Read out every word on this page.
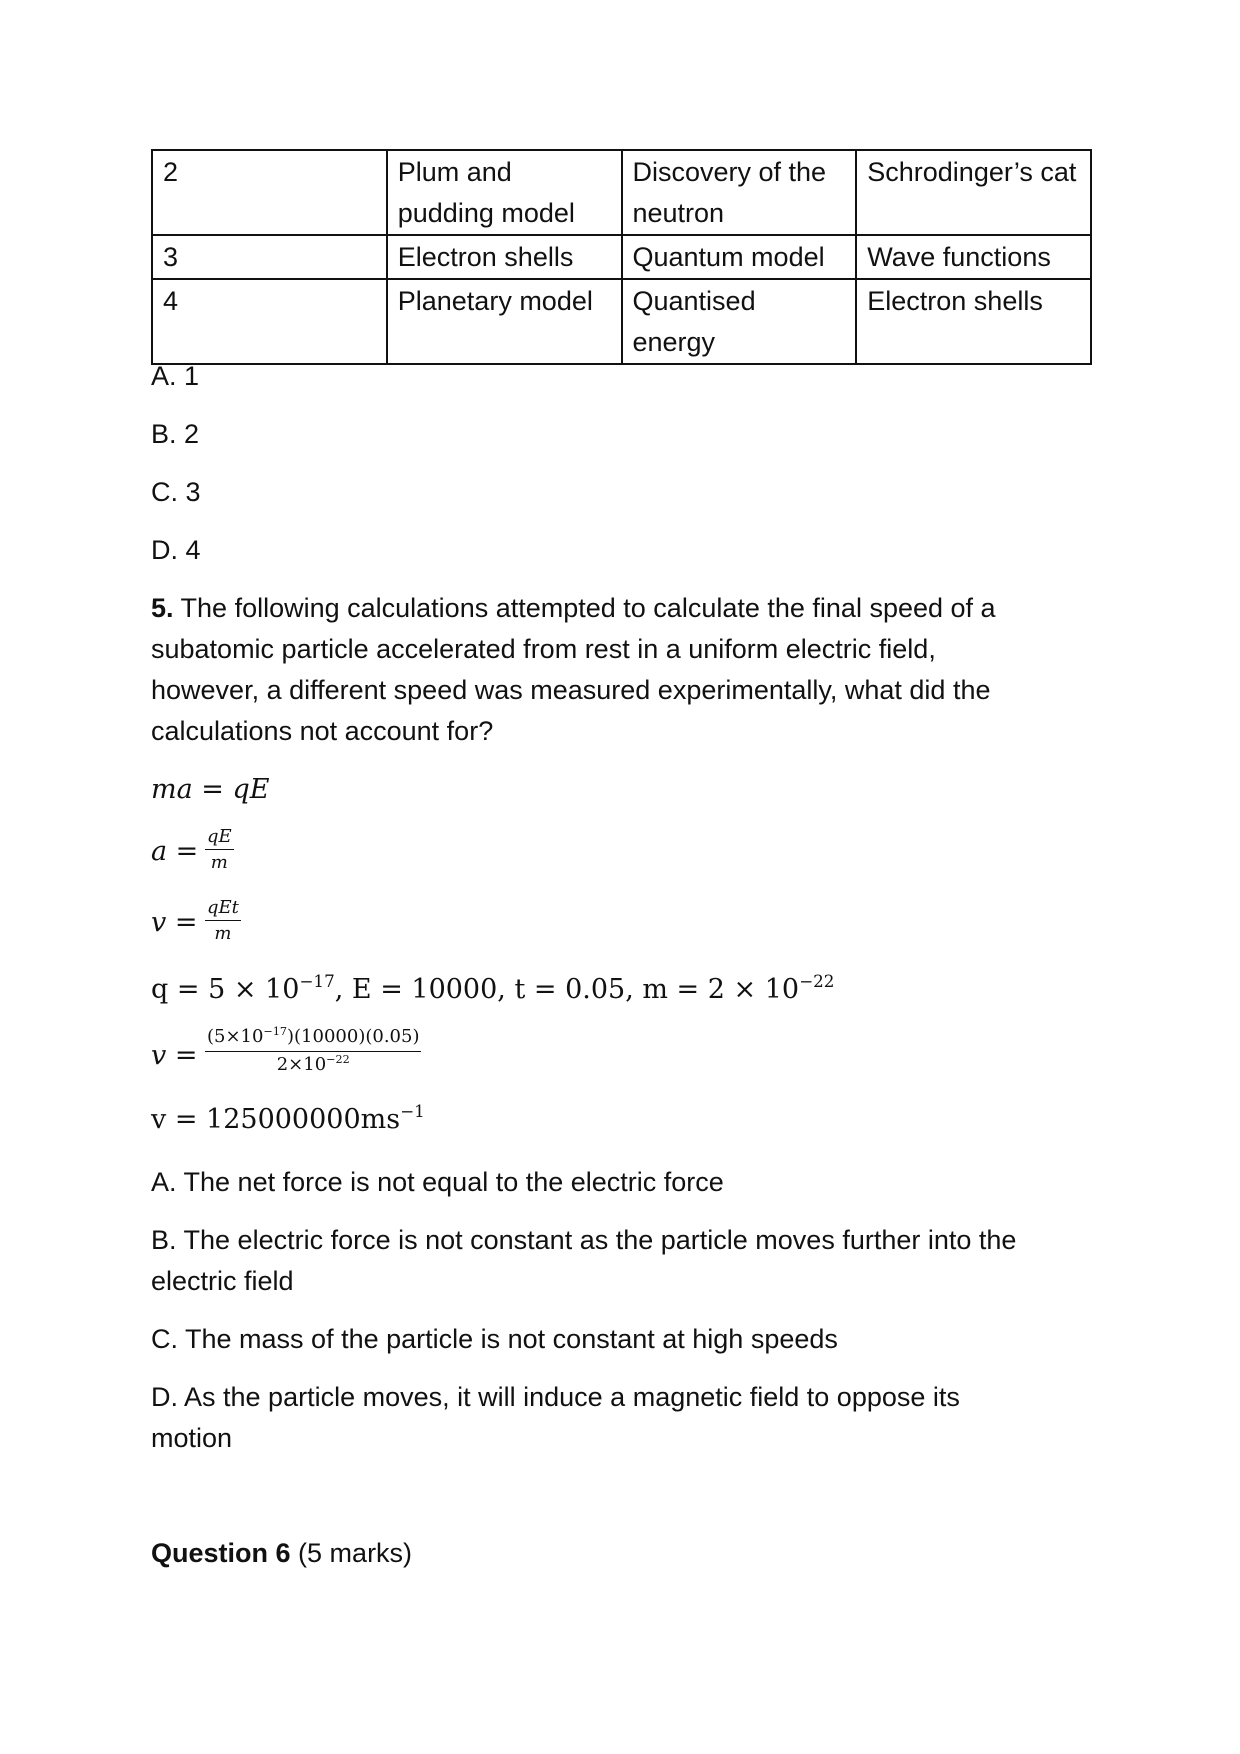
2	Plum and pudding model	Discovery of the neutron	Schrodinger’s cat
3	Electron shells	Quantum model	Wave functions
4	Planetary model	Quantised energy	Electron shells
A. 1
B. 2
C. 3
D. 4
5. The following calculations attempted to calculate the final speed of a
subatomic particle accelerated from rest in a uniform electric field,
however, a different speed was measured experimentally, what did the
calculations not account for?
ma = qE
$a = \frac{qE}{m}$
v = qEt
m
$q = 5 \times 10^{-17}$, E = 10000, t = 0.05, $m = 2 \times 10^{-22}$
$v = \frac{(5\times 10^{-17})(10000)(0.05)}{2\times 10^{-22}}$
$v = 125000000ms^{-1}$
A. The net force is not equal to the electric force
B. The electric force is not constant as the particle moves further into the
electric field
C. The mass of the particle is not constant at high speeds
D. As the particle moves, it will induce a magnetic field to oppose its
motion
Question 6 (5 marks)
